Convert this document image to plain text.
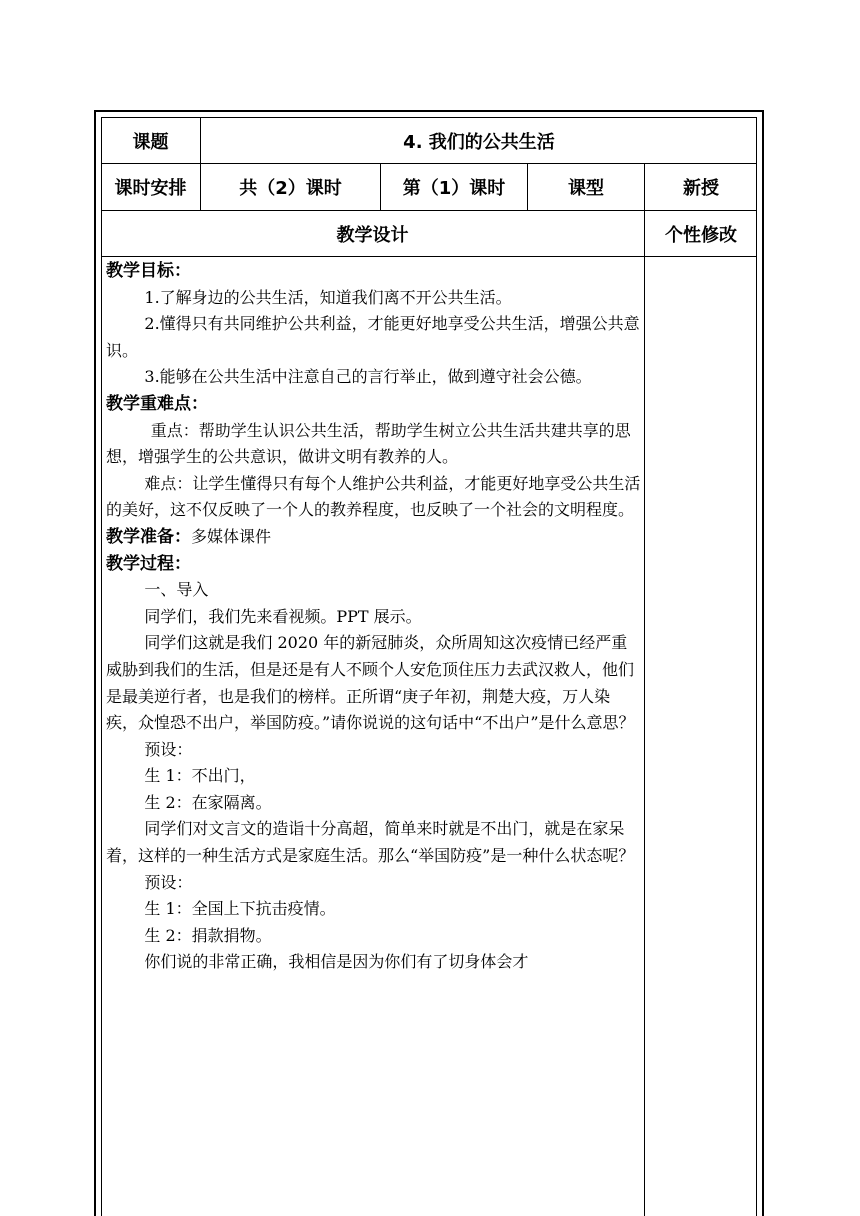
课题	4. 我们的公共生活
课时安排	共（2）课时	第（1）课时	课型	新授
教学设计	个性修改

教学目标：

1.了解身边的公共生活，知道我们离不开公共生活。

2.懂得只有共同维护公共利益，才能更好地享受公共生活，增强公共意识。

3.能够在公共生活中注意自己的言行举止，做到遵守社会公德。

教学重难点：

重点：帮助学生认识公共生活，帮助学生树立公共生活共建共享的思想，增强学生的公共意识，做讲文明有教养的人。

难点：让学生懂得只有每个人维护公共利益，才能更好地享受公共生活 的美好，这不仅反映了一个人的教养程度，也反映了一个社会的文明程度。

教学准备：多媒体课件

教学过程：

一、导入

同学们，我们先来看视频。PPT 展示。

同学们这就是我们 2020 年的新冠肺炎，众所周知这次疫情已经严重威胁到我们的生活，但是还是有人不顾个人安危顶住压力去武汉救人，他们是最美逆行者，也是我们的榜样。正所谓“庚子年初，荆楚大疫，万人染疾，众惶恐不出户，举国防疫。”请你说说的这句话中“不出户”是什么意思？

预设：

生 1：不出门，

生 2：在家隔离。

同学们对文言文的造诣十分高超，简单来时就是不出门，就是在家呆着，这样的一种生活方式是家庭生活。那么“举国防疫”是一种什么状态呢？

预设：

生 1：全国上下抗击疫情。

生 2：捐款捐物。

你们说的非常正确，我相信是因为你们有了切身体会才
